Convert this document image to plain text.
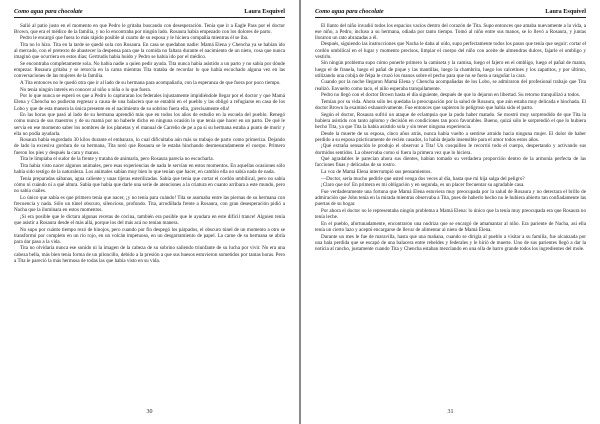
Como agua para chocolate	Laura Esquivel

Salió al patio justo en el momento en que Pedro le gritaba buscando con desesperación. Tenía que ir a Eagle Pass por el doctor Brown, que era el médico de la familia, y no lo encontraba por ningún lado. Rosaura había empezado con los dolores de parto.

Pedro le encargó que fuera lo más rápido posible al cuarto de su esposa y le hiciera compañía mientras él se iba.

Tita no lo hizo. Tita en la tarde se quedó sola con Rosaura. En casa se quedaban nadie: Mamá Elena y Chencha ya se habían ido al mercado, con el pretexto de abastecer la despensa para que la comida no faltara durante el nacimiento de un nieto, cosa que nunca imaginó que ocurriera en estos días; Gertrudis había huido y Pedro se había ido por el médico.

Se encontraba completamente sola. No había nadie a quien pedir ayuda. Tita nunca había asistido a un parto y no sabía por dónde empezar. Rosaura gritaba y se retorcía en la cama mientras Tita trataba de recordar lo que había escuchado alguna vez en las conversaciones de las mujeres de la familia.

A Tita entonces no le quedó otra que ir al lado de su hermana para acompañarla, con la esperanza de que fuera por poco tiempo.

No tenía ningún interés en conocer al niño o niña o lo que fuera.

Por lo que nunca se esperó es que a Pedro lo capturaran los federales injustamente impidiéndole llegar por el doctor y que Mamá Elena y Chencha no pudieran regresar a causa de una balacera que se entabló en el pueblo y las obligó a refugiarse en casa de los Lobo y que de esta manera la única presente en el nacimiento de su sobrino fuera ella, ¡precisamente ella!

En las horas que pasó al lado de su hermana aprendió más que en todos los años de estudio en la escuela del pueblo. Renegó como nunca de sus maestros y de su mamá por no haberle dicho en ninguna ocasión lo que tenía que hacer en un parto. De qué le servía en ese momento saber los nombres de los planetas y el manual de Carreño de pe a pa si su hermana estaba a punto de morir y ella no podía ayudarla.

Rosaura había engordado 30 kilos durante el embarazo, lo cual dificultaba aún más su trabajo de parto como primeriza. Dejando de lado la excesiva gordura de su hermana, Tita notó que Rosaura se le estaba hinchando desmesuradamente el cuerpo. Primero fueron los pies y después la cara y manos.

Tita le limpiaba el sudor de la frente y trataba de animarla, pero Rosaura parecía no escucharla.

Tita había visto nacer algunos animales, pero esas experiencias de nada le servían en estos momentos. En aquellas ocasiones sólo había sido testigo de la naturaleza. Los animales sabían muy bien lo que tenían que hacer, en cambio ella no sabía nada de nada.

Tenía preparadas sábanas, agua caliente y unas tijeras esterilizadas. Sabía que tenía que cortar el cordón umbilical, pero no sabía cómo ni cuándo ni a qué altura. Sabía que había que darle una serie de atenciones a la criatura en cuanto arribara a este mundo, pero no sabía cuáles.

Lo único que sabía es que primero tenía que nacer, ¡y no tenía para cuándo! Tita se asomaba entre las piernas de su hermana con frecuencia y nada. Sólo un túnel obscuro, silencioso, profundo. Tita, arrodillada frente a Rosaura, con gran desesperación pidió a Nacha que la iluminara en estos momentos.

¡Si era posible que le dictara algunas recetas de cocina, también era posible que le ayudara en este difícil trance! Alguien tenía que asistir a Rosaura desde el más allá, porque los del más acá no tenían manera.

No supo por cuánto tiempo rezó de hinojos, pero cuando por fin despegó los párpados, el obscuro túnel de un momento a otro se transformó por completo en un río rojo, en un volcán impetuoso, en un desgarramiento de papel. La carne de su hermana se abría para dar paso a la vida.

Tita no olvidaría nunca ese sonido ni la imagen de la cabeza de su sobrino saliendo triunfante de su lucha por vivir. No era una cabeza bella, más bien tenía forma de un piloncillo, debido a la presión a que sus huesos estuvieron sometidos por tantas horas. Pero a Tita le pareció la más hermosa de todas las que había visto en su vida.

30
Como agua para chocolate	Laura Esquivel

El llanto del niño invadió todos los espacios vacíos dentro del corazón de Tita. Supo entonces que amaba nuevamente a la vida, a ese niño, a Pedro, incluso a su hermana, odiada por tanto tiempo. Tomó al niño entre sus manos, se lo llevó a Rosaura, y juntas lloraron un rato abrazadas a él.

Después, siguiendo las instrucciones que Nacha le daba al oído, supo perfectamente todos los pasos que tenía que seguir: cortar el cordón umbilical en el lugar y momento precisos, limpiar el cuerpo del niño con aceite de almendras dulces, fajarle el ombligo y vestirlo.

Sin ningún problema supo cómo ponerle primero la camiseta y la camisa, luego el fajero en el ombligo, luego el pañal de manta, luego el de franela, luego el pañal de pique y las mantillas, luego la chambrita, luego los calcetines y los zapatitos, y por último, utilizando una cobija de felpa le cruzó los manos sobre el pecho para que no se fuera a rasguñar la cara.

Cuando por la noche llegaron Mamá Elena y Chencha acompañadas de los Lobo, se admiraron del profesional trabajo que Tita realizó. Envuelto como taco, el niño esperaba tranquilamente.

Pedro no llegó con el doctor Brown hasta el día siguiente, después de que lo dejaron en libertad. Su retorno tranquilizó a todos.

Temían por su vida. Ahora sólo les quedaba la preocupación por la salud de Rosaura, que aún estaba muy delicada e hinchada. El doctor Brown la examinó exhaustivamente. Fue entonces que supieron lo peligroso que había sido el parto.

Según el doctor, Rosaura sufrió un ataque de eclampsia que la pudo haber matado. Se mostró muy sorprendido de que Tita la hubiera asistido con tanto aplomo y decisión en condiciones tan poco favorables. Bueno, quizá sólo le sorprendió el que lo hubiera hecho Tita, ya que Tita la había asistido sola y sin tener ninguna experiencia.

Desde la muerte de su esposa, cinco años atrás, nunca había vuelto a sentirse atraído hacia ninguna mujer. El dolor de haber perdido a su esposa prácticamente de recién casados, lo había dejado insensible para el amor todos estos años.

¡Qué extraña sensación le produjo el observar a Tita! Un cosquilleo le recorrió todo el cuerpo, despertando y activando sus dormidos sentidos. La observaba como si fuera la primera vez que lo hiciera.

Qué agradables le parecían ahora sus dientes, habían tomado su verdadera proporción dentro de la armonía perfecta de las facciones finas y delicadas de su rostro.

La voz de Mamá Elena interrumpió sus pensamientos.

—Doctor, sería mucho pedirle que usted venga dos veces al día, hasta que mi hija salga del peligro?

¡Claro que no! En primera es mi obligación y en segunda, es un placer frecuentar su agradable casa.

Fue verdaderamente una fortuna que Mamá Elena estuviera muy preocupada por la salud de Rosaura y no detectara el brillo de admiración que John tenía en la mirada mientras observaba a Tita, pues de haberlo hecho no le hubiera abierto tan confiadamente las puertas de su hogar.

Por ahora el doctor no le representaba ningún problema a Mamá Elena: lo único que la tenía muy preocupada era que Rosaura no tenía leche.

En el pueblo, afortunadamente, encontraron una nodriza que se encargó de amamantar al niño. Era pariente de Nacha, así ella tenía un cierto lazo y aceptó encargarse de llevar de alimentar al nieto de Mamá Elena.

Durante un mes le fue de maravilla, hasta que una mañana, cuando se dirigía al pueblo a visitar a su familia, fue alcanzada por una bala perdida que se escapó de una balacera entre rebeldes y federales y le hirió de muerte. Uno de sus parientes llegó a dar la noticia al rancho, justamente cuando Tita y Chencha estaban mezclando en una olla de barro grande todos los ingredientes del mole.

31
